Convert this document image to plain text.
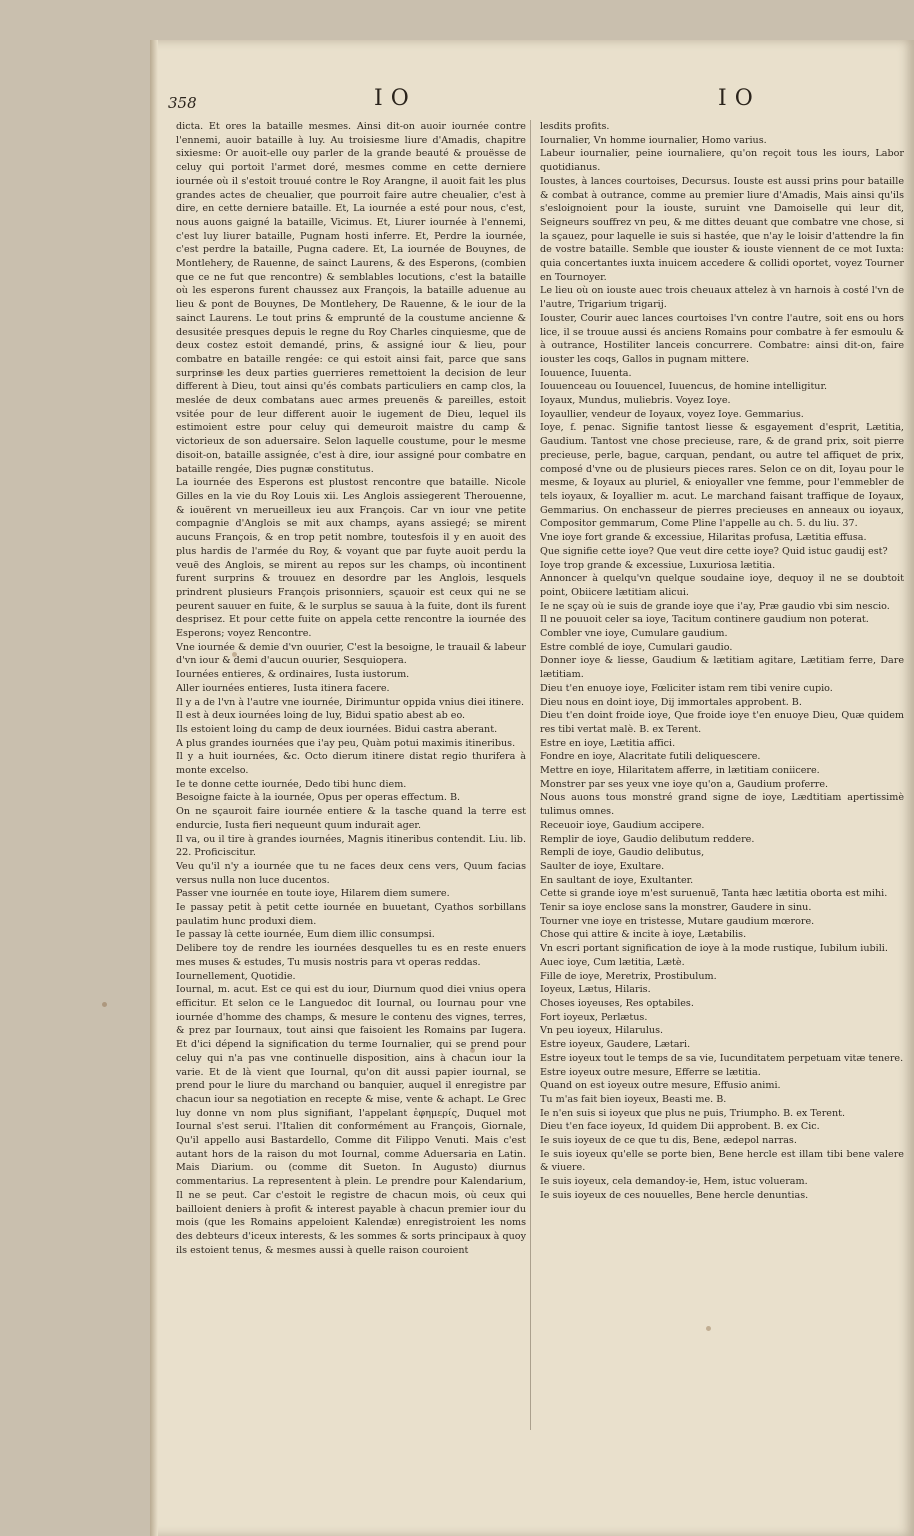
358	IO	IO

dicta. Et ores la bataille mesmes. Ainsi dit-on auoir iournée contre l'ennemi, auoir bataille à luy. Au troisiesme liure d'Amadis, chapitre sixiesme: Or auoit-elle ouy parler de la grande beauté & prouësse de celuy qui portoit l'armet doré, mesmes comme en cette derniere iournée où il s'estoit trouué contre le Roy Arangne, il auoit fait les plus grandes actes de cheualier, que pourroit faire autre cheualier, c'est à dire, en cette derniere bataille. Et, La iournée a esté pour nous, c'est, nous auons gaigné la bataille, Vicimus. Et, Liurer iournée à l'ennemi, c'est luy liurer bataille, Pugnam hosti inferre. Et, Perdre la iournée, c'est perdre la bataille, Pugna cadere. Et, La iournée de Bouynes, de Montlehery, de Rauenne, de sainct Laurens, & des Esperons, (combien que ce ne fut que rencontre) & semblables locutions, c'est la bataille où les esperons furent chaussez aux François, la bataille aduenue au lieu & pont de Bouynes, De Montlehery, De Rauenne, & le iour de la sainct Laurens. Le tout prins & emprunté de la coustume ancienne & desusitée presques depuis le regne du Roy Charles cinquiesme, que de deux costez estoit demandé, prins, & assigné iour & lieu, pour combatre en bataille rengée: ce qui estoit ainsi fait, parce que sans surprinse les deux parties guerrieres remettoient la decision de leur different à Dieu, tout ainsi qu'és combats particuliers en camp clos, la meslée de deux combatans auec armes preuenës & pareilles, estoit vsitée pour de leur different auoir le iugement de Dieu, lequel ils estimoient estre pour celuy qui demeuroit maistre du camp & victorieux de son aduersaire. Selon laquelle coustume, pour le mesme disoit-on, bataille assignée, c'est à dire, iour assigné pour combatre en bataille rengée, Dies pugnæ constitutus.

La iournée des Esperons est plustost rencontre que bataille. Nicole Gilles en la vie du Roy Louis xii. Les Anglois assiegerent Therouenne, & iouërent vn merueilleux ieu aux François. Car vn iour vne petite compagnie d'Anglois se mit aux champs, ayans assiegé; se mirent aucuns François, & en trop petit nombre, toutesfois il y en auoit des plus hardis de l'armée du Roy, & voyant que par fuyte auoit perdu la veuë des Anglois, se mirent au repos sur les champs, où incontinent furent surprins & trouuez en desordre par les Anglois, lesquels prindrent plusieurs François prisonniers, sçauoir est ceux qui ne se peurent sauuer en fuite, & le surplus se sauua à la fuite, dont ils furent desprisez. Et pour cette fuite on appela cette rencontre la iournée des Esperons; voyez Rencontre.

Vne iournée & demie d'vn ouurier, C'est la besoigne, le trauail & labeur d'vn iour & demi d'aucun ouurier, Sesquiopera.

Iournées entieres, & ordinaires, Iusta iustorum.

Aller iournées entieres, Iusta itinera facere.

Il y a de l'vn à l'autre vne iournée, Dirimuntur oppida vnius diei itinere.

Il est à deux iournées loing de luy, Bidui spatio abest ab eo.

Ils estoient loing du camp de deux iournées. Bidui castra aberant.

A plus grandes iournées que i'ay peu, Quàm potui maximis itineribus.

Il y a huit iournées, &c. Octo dierum itinere distat regio thurifera à monte excelso.

Ie te donne cette iournée, Dedo tibi hunc diem.

Besoigne faicte à la iournée, Opus per operas effectum. B.

On ne sçauroit faire iournée entiere & la tasche quand la terre est endurcie, Iusta fieri nequeunt quum indurait ager.

Il va, ou il tire à grandes iournées, Magnis itineribus contendit. Liu. lib. 22. Proficiscitur.

Veu qu'il n'y a iournée que tu ne faces deux cens vers, Quum facias versus nulla non luce ducentos.

Passer vne iournée en toute ioye, Hilarem diem sumere.

Ie passay petit à petit cette iournée en buuetant, Cyathos sorbillans paulatim hunc produxi diem.

Ie passay là cette iournée, Eum diem illic consumpsi.

Delibere toy de rendre les iournées desquelles tu es en reste enuers mes muses & estudes, Tu musis nostris para vt operas reddas.

Iournellement, Quotidie.

Iournal, m. acut. Est ce qui est du iour, Diurnum quod diei vnius opera efficitur. Et selon ce le Languedoc dit Iournal, ou Iournau pour vne iournée d'homme des champs, & mesure le contenu des vignes, terres, & prez par Iournaux, tout ainsi que faisoient les Romains par Iugera. Et d'ici dépend la signification du terme Iournalier, qui se prend pour celuy qui n'a pas vne continuelle disposition, ains à chacun iour la varie. Et de là vient que Iournal, qu'on dit aussi papier iournal, se prend pour le liure du marchand ou banquier, auquel il enregistre par chacun iour sa negotiation en recepte & mise, vente & achapt. Le Grec luy donne vn nom plus signifiant, l'appelant ἐφημερίς, Duquel mot Iournal s'est serui. l'Italien dit conformément au François, Giornale, Qu'il appello ausi Bastardello, Comme dit Filippo Venuti. Mais c'est autant hors de la raison du mot Iournal, comme Aduersaria en Latin. Mais Diarium. ou (comme dit Sueton. In Augusto) diurnus commentarius. La representent à plein. Le prendre pour Kalendarium, Il ne se peut. Car c'estoit le registre de chacun mois, où ceux qui bailloient deniers à profit & interest payable à chacun premier iour du mois (que les Romains appeloient Kalendæ) enregistroient les noms des debteurs d'iceux interests, & les sommes & sorts principaux à quoy ils estoient tenus, & mesmes aussi à quelle raison couroient

lesdits profits.

Iournalier, Vn homme iournalier, Homo varius.

Labeur iournalier, peine iournaliere, qu'on reçoit tous les iours, Labor quotidianus.

Ioustes, à lances courtoises, Decursus. Iouste est aussi prins pour bataille & combat à outrance, comme au premier liure d'Amadis, Mais ainsi qu'ils s'esloignoient pour la iouste, suruint vne Damoiselle qui leur dit, Seigneurs souffrez vn peu, & me dittes deuant que combatre vne chose, si la sçauez, pour laquelle ie suis si hastée, que n'ay le loisir d'attendre la fin de vostre bataille. Semble que iouster & iouste viennent de ce mot Iuxta: quia concertantes iuxta inuicem accedere & collidi oportet, voyez Tourner en Tournoyer.

Le lieu où on iouste auec trois cheuaux attelez à vn harnois à costé l'vn de l'autre, Trigarium trigarij.

Iouster, Courir auec lances courtoises l'vn contre l'autre, soit ens ou hors lice, il se trouue aussi és anciens Romains pour combatre à fer esmoulu & à outrance, Hostiliter lanceis concurrere. Combatre: ainsi dit-on, faire iouster les coqs, Gallos in pugnam mittere.

Iouuence, Iuuenta.

Iouuenceau ou Iouuencel, Iuuencus, de homine intelligitur.

Ioyaux, Mundus, muliebris. Voyez Ioye.

Ioyaullier, vendeur de Ioyaux, voyez Ioye. Gemmarius.

Ioye, f. penac. Signifie tantost liesse & esgayement d'esprit, Lætitia, Gaudium. Tantost vne chose precieuse, rare, & de grand prix, soit pierre precieuse, perle, bague, carquan, pendant, ou autre tel affiquet de prix, composé d'vne ou de plusieurs pieces rares. Selon ce on dit, Ioyau pour le mesme, & Ioyaux au pluriel, & enioyaller vne femme, pour l'emmebler de tels ioyaux, & Ioyallier m. acut. Le marchand faisant traffique de Ioyaux, Gemmarius. On enchasseur de pierres precieuses en anneaux ou ioyaux, Compositor gemmarum, Come Pline l'appelle au ch. 5. du liu. 37.

Vne ioye fort grande & excessiue, Hilaritas profusa, Lætitia effusa.

Que signifie cette ioye? Que veut dire cette ioye? Quid istuc gaudij est?

Ioye trop grande & excessiue, Luxuriosa lætitia.

Annoncer à quelqu'vn quelque soudaine ioye, dequoy il ne se doubtoit point, Obiicere lætitiam alicui.

Ie ne sçay où ie suis de grande ioye que i'ay, Præ gaudio vbi sim nescio.

Il ne pouuoit celer sa ioye, Tacitum continere gaudium non poterat.

Combler vne ioye, Cumulare gaudium.

Estre comblé de ioye, Cumulari gaudio.

Donner ioye & liesse, Gaudium & lætitiam agitare, Lætitiam ferre, Dare lætitiam.

Dieu t'en enuoye ioye, Fœliciter istam rem tibi venire cupio.

Dieu nous en doint ioye, Dij immortales approbent. B.

Dieu t'en doint froide ioye, Que froide ioye t'en enuoye Dieu, Quæ quidem res tibi vertat malè. B. ex Terent.

Estre en ioye, Lætitia affici.

Fondre en ioye, Alacritate futili deliquescere.

Mettre en ioye, Hilaritatem afferre, in lætitiam coniicere.

Monstrer par ses yeux vne ioye qu'on a, Gaudium proferre.

Nous auons tous monstré grand signe de ioye, Lædtitiam apertissimè tulimus omnes.

Receuoir ioye, Gaudium accipere.

Remplir de ioye, Gaudio delibutum reddere.

Rempli de ioye, Gaudio delibutus,

Saulter de ioye, Exultare.

En saultant de ioye, Exultanter.

Cette si grande ioye m'est suruenuë, Tanta hæc lætitia oborta est mihi.

Tenir sa ioye enclose sans la monstrer, Gaudere in sinu.

Tourner vne ioye en tristesse, Mutare gaudium mœrore.

Chose qui attire & incite à ioye, Lætabilis.

Vn escri portant signification de ioye à la mode rustique, Iubilum iubili.

Auec ioye, Cum lætitia, Lætè.

Fille de ioye, Meretrix, Prostibulum.

Ioyeux, Lætus, Hilaris.

Choses ioyeuses, Res optabiles.

Fort ioyeux, Perlætus.

Vn peu ioyeux, Hilarulus.

Estre ioyeux, Gaudere, Lætari.

Estre ioyeux tout le temps de sa vie, Iucunditatem perpetuam vitæ tenere.

Estre ioyeux outre mesure, Efferre se lætitia.

Quand on est ioyeux outre mesure, Effusio animi.

Tu m'as fait bien ioyeux, Beasti me. B.

Ie n'en suis si ioyeux que plus ne puis, Triumpho. B. ex Terent.

Dieu t'en face ioyeux, Id quidem Dii approbent. B. ex Cic.

Ie suis ioyeux de ce que tu dis, Bene, ædepol narras.

Ie suis ioyeux qu'elle se porte bien, Bene hercle est illam tibi bene valere & viuere.

Ie suis ioyeux, cela demandoy-ie, Hem, istuc volueram.

Ie suis ioyeux de ces nouuelles, Bene hercle denuntias.
